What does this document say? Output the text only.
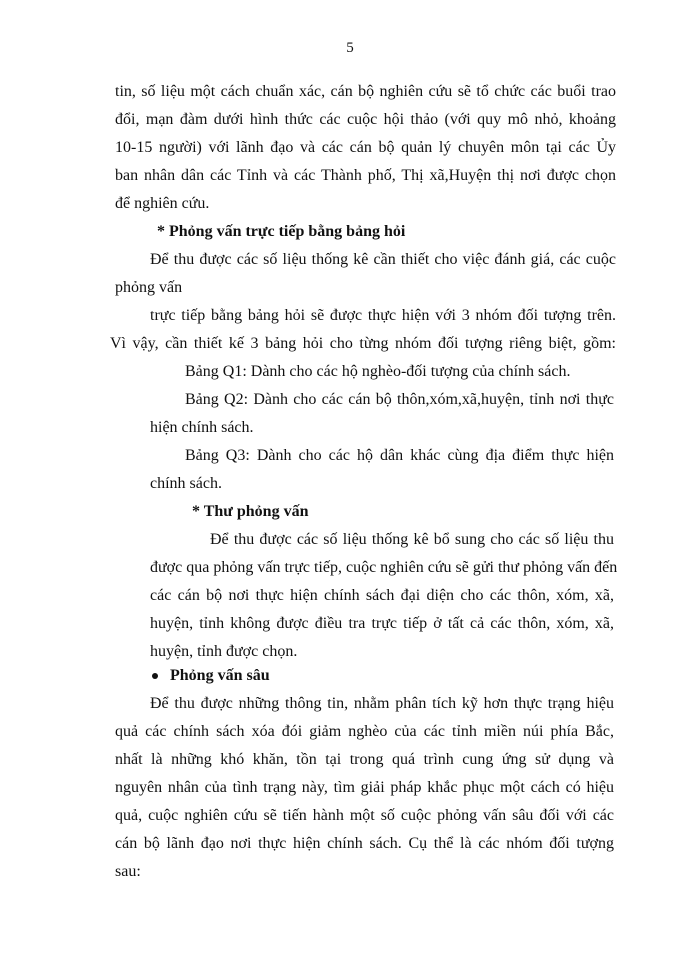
5
tin, số liệu một cách chuẩn xác, cán bộ nghiên cứu sẽ tổ chức các buổi trao
đổi, mạn đàm dưới hình thức các cuộc hội thảo (với quy mô nhỏ, khoảng
10-15 người) với lãnh đạo và các cán bộ quản lý chuyên môn tại các Ủy
ban nhân dân các Tỉnh và các Thành phố, Thị xã,Huyện thị nơi được chọn
để nghiên cứu.
* Phỏng vấn trực tiếp bằng bảng hỏi
Để thu được các số liệu thống kê cần thiết cho việc đánh giá, các cuộc
phỏng vấn
trực tiếp bằng bảng hỏi sẽ được thực hiện với 3 nhóm đối tượng trên.
Vì vậy, cần thiết kế 3 bảng hỏi cho từng nhóm đối tượng riêng biệt, gồm:
Bảng Q1: Dành cho các hộ nghèo-đối tượng của chính sách.
Bảng Q2: Dành cho các cán bộ thôn,xóm,xã,huyện, tỉnh nơi thực
hiện chính sách.
Bảng Q3: Dành cho các hộ dân khác cùng địa điểm thực hiện
chính sách.
* Thư phỏng vấn
Để thu được các số liệu thống kê bổ sung cho các số liệu thu
được qua phỏng vấn trực tiếp, cuộc nghiên cứu sẽ gửi thư phỏng vấn đến
các cán bộ nơi thực hiện chính sách đại diện cho các thôn, xóm, xã,
huyện, tỉnh không được điều tra trực tiếp ở tất cả các thôn, xóm, xã,
huyện, tỉnh được chọn.
Phỏng vấn sâu
Để thu được những thông tin, nhằm phân tích kỹ hơn thực trạng hiệu
quả các chính sách xóa đói giảm nghèo của các tỉnh miền núi phía Bắc,
nhất là những khó khăn, tồn tại trong quá trình cung ứng sử dụng và
nguyên nhân của tình trạng này, tìm giải pháp khắc phục một cách có hiệu
quả, cuộc nghiên cứu sẽ tiến hành một số cuộc phỏng vấn sâu đối với các
cán bộ lãnh đạo nơi thực hiện chính sách. Cụ thể là các nhóm đối tượng
sau:
